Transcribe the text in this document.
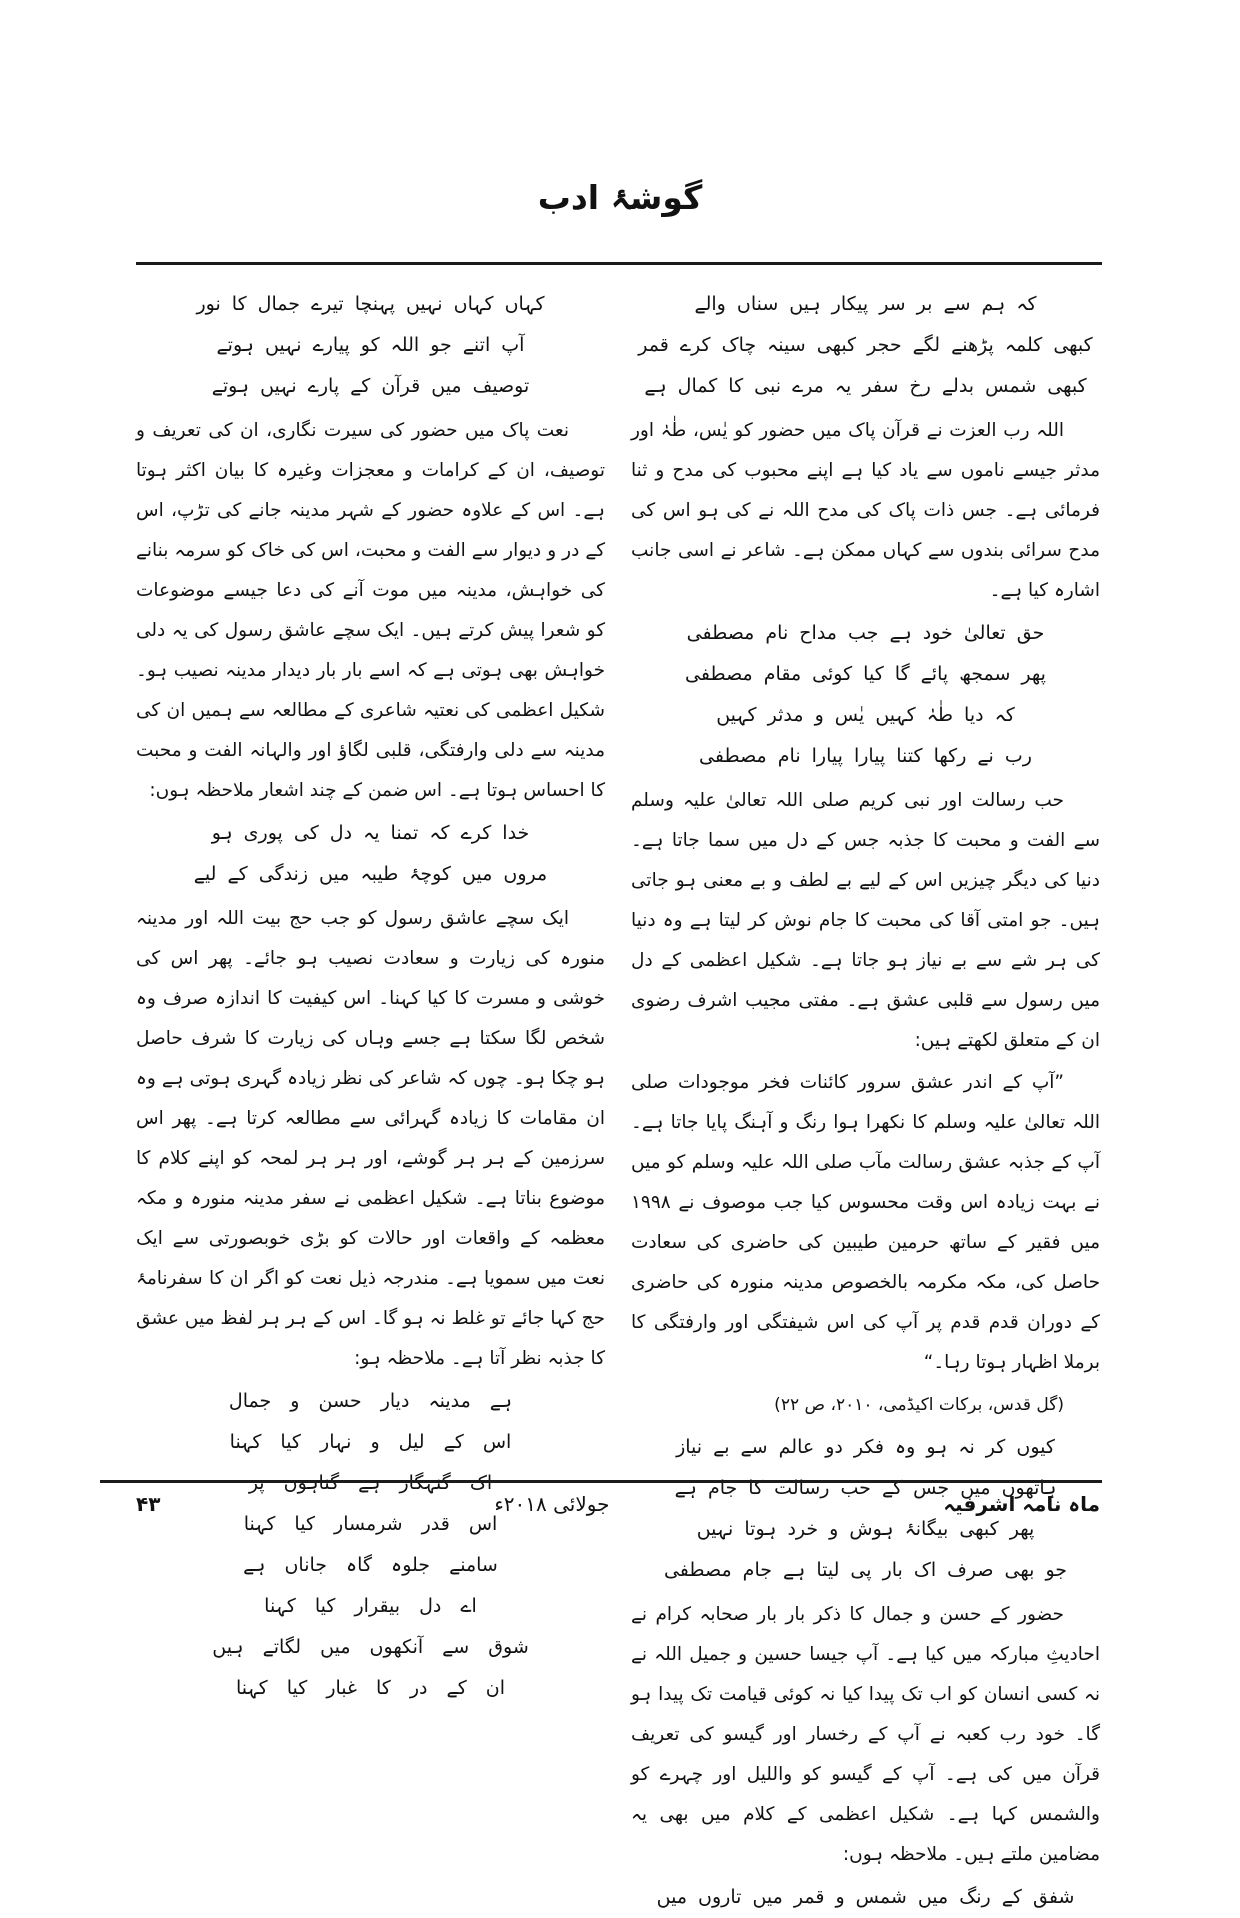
گوشۂ ادب
کہ ہم سے بر سر پیکار ہیں سناں والے
کبھی کلمہ پڑھنے لگے حجر کبھی سینہ چاک کرے قمر
کبھی شمس بدلے رخ سفر یہ مرے نبی کا کمال ہے

اللہ رب العزت نے قرآن پاک میں حضور کو یٰس، طٰہٰ اور مدثر جیسے ناموں سے یاد کیا ہے اپنے محبوب کی مدح و ثنا فرمائی ہے۔ جس ذات پاک کی مدح اللہ نے کی ہو اس کی مدح سرائی بندوں سے کہاں ممکن ہے۔ شاعر نے اسی جانب اشارہ کیا ہے۔

حق تعالیٰ خود ہے جب مداح نام مصطفی
پھر سمجھ پائے گا کیا کوئی مقام مصطفی
کہ دیا طٰہٰ کہیں یٰس و مدثر کہیں
رب نے رکھا کتنا پیارا پیارا نام مصطفی

حب رسالت اور نبی کریم صلی اللہ تعالیٰ علیہ وسلم سے الفت و محبت کا جذبہ جس کے دل میں سما جاتا ہے۔ دنیا کی دیگر چیزیں اس کے لیے بے لطف و بے معنی ہو جاتی ہیں۔ جو امتی آقا کی محبت کا جام نوش کر لیتا ہے وہ دنیا کی ہر شے سے بے نیاز ہو جاتا ہے۔ شکیل اعظمی کے دل میں رسول سے قلبی عشق ہے۔ مفتی مجیب اشرف رضوی ان کے متعلق لکھتے ہیں:

”آپ کے اندر عشق سرور کائنات فخر موجودات صلی اللہ تعالیٰ علیہ وسلم کا نکھرا ہوا رنگ و آہنگ پایا جاتا ہے۔ آپ کے جذبہ عشق رسالت مآب صلی اللہ علیہ وسلم کو میں نے بہت زیادہ اس وقت محسوس کیا جب موصوف نے ۱۹۹۸ میں فقیر کے ساتھ حرمین طیبین کی حاضری کی سعادت حاصل کی، مکہ مکرمہ بالخصوص مدینہ منورہ کی حاضری کے دوران قدم قدم پر آپ کی اس شیفتگی اور وارفتگی کا برملا اظہار ہوتا رہا۔“

(گل قدس، برکات اکیڈمی، ۲۰۱۰، ص ۲۲)

کیوں کر نہ ہو وہ فکر دو عالم سے بے نیاز
ہاتھوں میں جس کے حب رسالت کا جام ہے
پھر کبھی بیگانۂ ہوش و خرد ہوتا نہیں
جو بھی صرف اک بار پی لیتا ہے جام مصطفی

حضور کے حسن و جمال کا ذکر بار بار صحابہ کرام نے احادیثِ مبارکہ میں کیا ہے۔ آپ جیسا حسین و جمیل اللہ نے نہ کسی انسان کو اب تک پیدا کیا نہ کوئی قیامت تک پیدا ہو گا۔ خود رب کعبہ نے آپ کے رخسار اور گیسو کی تعریف قرآن میں کی ہے۔ آپ کے گیسو کو واللیل اور چہرے کو والشمس کہا ہے۔ شکیل اعظمی کے کلام میں بھی یہ مضامین ملتے ہیں۔ ملاحظہ ہوں:

شفق کے رنگ میں شمس و قمر میں تاروں میں
کہاں کہاں نہیں پہنچا تیرے جمال کا نور
آپ اتنے جو اللہ کو پیارے نہیں ہوتے
توصیف میں قرآن کے پارے نہیں ہوتے

نعت پاک میں حضور کی سیرت نگاری، ان کی تعریف و توصیف، ان کے کرامات و معجزات وغیرہ کا بیان اکثر ہوتا ہے۔ اس کے علاوہ حضور کے شہر مدینہ جانے کی تڑپ، اس کے در و دیوار سے الفت و محبت، اس کی خاک کو سرمہ بنانے کی خواہش، مدینہ میں موت آنے کی دعا جیسے موضوعات کو شعرا پیش کرتے ہیں۔ ایک سچے عاشق رسول کی یہ دلی خواہش بھی ہوتی ہے کہ اسے بار بار دیدار مدینہ نصیب ہو۔ شکیل اعظمی کی نعتیہ شاعری کے مطالعہ سے ہمیں ان کی مدینہ سے دلی وارفتگی، قلبی لگاؤ اور والہانہ الفت و محبت کا احساس ہوتا ہے۔ اس ضمن کے چند اشعار ملاحظہ ہوں:

خدا کرے کہ تمنا یہ دل کی پوری ہو
مروں میں کوچۂ طیبہ میں زندگی کے لیے

ایک سچے عاشق رسول کو جب حج بیت اللہ اور مدینہ منورہ کی زیارت و سعادت نصیب ہو جائے۔ پھر اس کی خوشی و مسرت کا کیا کہنا۔ اس کیفیت کا اندازہ صرف وہ شخص لگا سکتا ہے جسے وہاں کی زیارت کا شرف حاصل ہو چکا ہو۔ چوں کہ شاعر کی نظر زیادہ گہری ہوتی ہے وہ ان مقامات کا زیادہ گہرائی سے مطالعہ کرتا ہے۔ پھر اس سرزمین کے ہر ہر گوشے، اور ہر ہر لمحہ کو اپنے کلام کا موضوع بناتا ہے۔ شکیل اعظمی نے سفر مدینہ منورہ و مکہ معظمہ کے واقعات اور حالات کو بڑی خوبصورتی سے ایک نعت میں سمویا ہے۔ مندرجہ ذیل نعت کو اگر ان کا سفرنامۂ حج کہا جائے تو غلط نہ ہو گا۔ اس کے ہر ہر لفظ میں عشق کا جذبہ نظر آتا ہے۔ ملاحظہ ہو:

ہے مدینہ دیار حسن و جمال
اس کے لیل و نہار کیا کہنا
اک گنہگار ہے گناہوں پر
اس قدر شرمسار کیا کہنا
سامنے جلوہ گاہ جاناں ہے
اے دل بیقرار کیا کہنا
شوق سے آنکھوں میں لگاتے ہیں
ان کے در کا غبار کیا کہنا
ماہ نامہ اشرفیہ
جولائی ۲۰۱۸ء
۴۳
